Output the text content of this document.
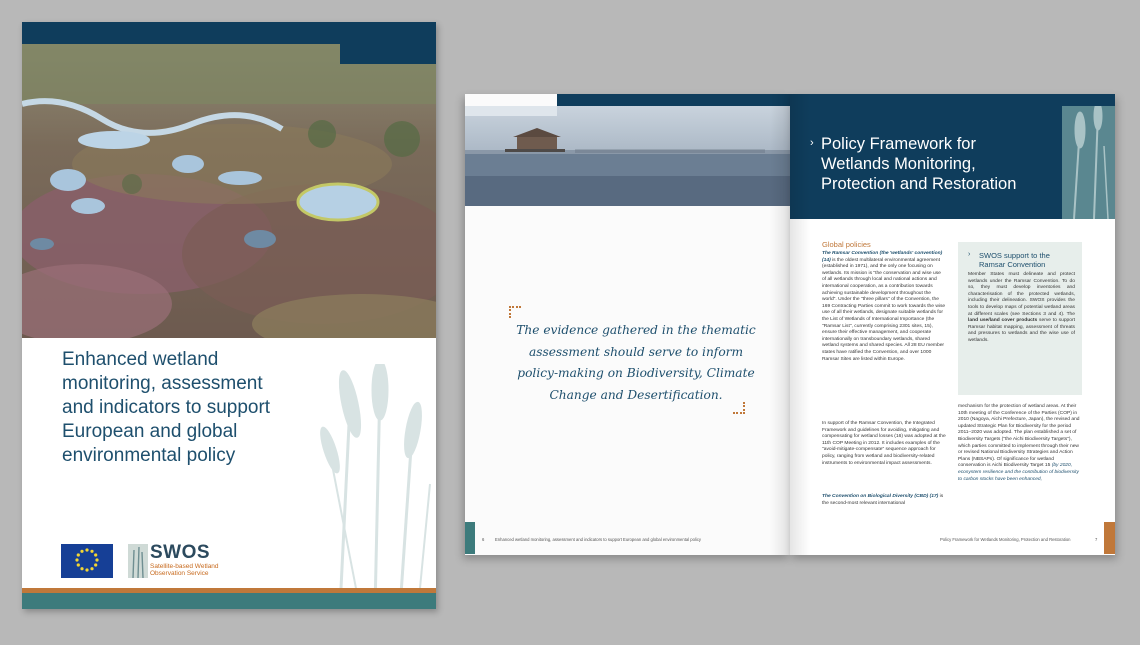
Enhanced wetland
monitoring, assessment
and indicators to support
European and global
environmental policy
SWOS
Satellite-based Wetland Observation Service
The evidence gathered in the thematic assessment should serve to inform policy-making on Biodiversity, Climate Change and Desertification.
6	Enhanced wetland monitoring, assessment and indicators to support European and global environmental policy
› Policy Framework for
Wetlands Monitoring,
Protection and Restoration
Global policies
The Ramsar Convention (the 'wetlands' convention) (14) is the oldest multilateral environmental agreement (established in 1971), and the only one focusing on wetlands. Its mission is "the conservation and wise use of all wetlands through local and national actions and international cooperation, as a contribution towards achieving sustainable development throughout the world". Under the "three pillars" of the Convention, the 169 Contracting Parties commit to work towards the wise use of all their wetlands, designate suitable wetlands for the List of Wetlands of International Importance (the "Ramsar List", currently comprising 2301 sites, 15), ensure their effective management, and cooperate internationally on transboundary wetlands, shared wetland systems and shared species. All 28 EU member states have ratified the Convention, and over 1000 Ramsar Sites are listed within Europe.
In support of the Ramsar Convention, the Integrated Framework and guidelines for avoiding, mitigating and compensating for wetland losses (16) was adopted at the 11th COP Meeting in 2012. It includes examples of the "avoid-mitigate-compensate" sequence approach for policy, ranging from wetland and biodiversity-related instruments to environmental impact assessments.
The Convention on Biological Diversity (CBD) (17) is the second-most relevant international
› SWOS support to the
Ramsar Convention
Member States must delineate and protect wetlands under the Ramsar Convention. To do so, they must develop inventories and characterisation of the protected wetlands, including their delineation. SWOS provides the tools to develop maps of potential wetland areas at different scales (see Sections 3 and 4). The land use/land cover products serve to support Ramsar habitat mapping, assessment of threats and pressures to wetlands and the wise use of wetlands.
mechanism for the protection of wetland areas. At their 10th meeting of the Conference of the Parties (COP) in 2010 (Nagoya, Aichi Prefecture, Japan), the revised and updated Strategic Plan for Biodiversity for the period 2011–2020 was adopted. The plan established a set of Biodiversity Targets ("the Aichi Biodiversity Targets"), which parties committed to implement through their new or revised National Biodiversity Strategies and Action Plans (NBSAPs). Of significance for wetland conservation is Aichi Biodiversity Target 15 (by 2020, ecosystem resilience and the contribution of biodiversity to carbon stocks have been enhanced,
Policy Framework for Wetlands Monitoring, Protection and Restoration	7
